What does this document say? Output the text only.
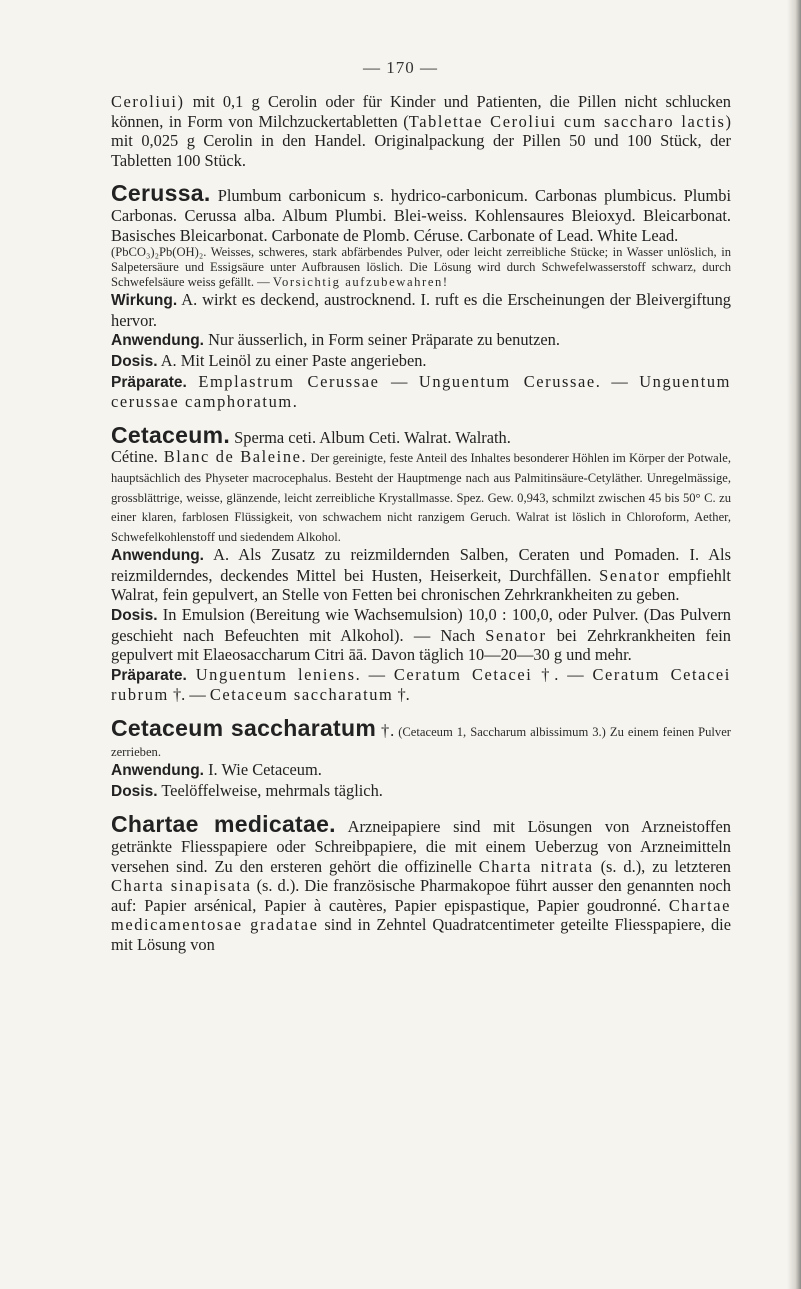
— 170 —

Ceroliui) mit 0,1 g Cerolin oder für Kinder und Patienten, die Pillen nicht schlucken können, in Form von Milchzuckertabletten (Tablettae Ceroliui cum saccharo lactis) mit 0,025 g Cerolin in den Handel. Originalpackung der Pillen 50 und 100 Stück, der Tabletten 100 Stück.

Cerussa. Plumbum carbonicum s. hydrico-carbonicum. Carbonas plumbicus. Plumbi Carbonas. Cerussa alba. Album Plumbi. Blei-weiss. Kohlensaures Bleioxyd. Bleicarbonat. Basisches Bleicarbonat. Carbonate de Plomb. Céruse. Carbonate of Lead. White Lead.

(PbCO₃)₂Pb(OH)₂. Weisses, schweres, stark abfärbendes Pulver, oder leicht zerreibliche Stücke; in Wasser unlöslich, in Salpetersäure und Essigsäure unter Aufbrausen löslich. Die Lösung wird durch Schwefelwasserstoff schwarz, durch Schwefelsäure weiss gefällt. — Vorsichtig aufzubewahren!

Wirkung. A. wirkt es deckend, austrocknend. I. ruft es die Erscheinungen der Bleivergiftung hervor.

Anwendung. Nur äusserlich, in Form seiner Präparate zu benutzen.

Dosis. A. Mit Leinöl zu einer Paste angerieben.

Präparate. Emplastrum Cerussae — Unguentum Cerussae. — Unguentum cerussae camphoratum.

Cetaceum. Sperma ceti. Album Ceti. Walrat. Walrath.
Cétine. Blanc de Baleine. Der gereinigte, feste Anteil des Inhaltes besonderer Höhlen im Körper der Potwale, hauptsächlich des Physeter macrocephalus. Besteht der Hauptmenge nach aus Palmitinsäure-Cetyläther. Unregelmässige, grossblättrige, weisse, glänzende, leicht zerreibliche Krystallmasse. Spez. Gew. 0,943, schmilzt zwischen 45 bis 50° C. zu einer klaren, farblosen Flüssigkeit, von schwachem nicht ranzigem Geruch. Walrat ist löslich in Chloroform, Aether, Schwefelkohlenstoff und siedendem Alkohol.

Anwendung. A. Als Zusatz zu reizmildernden Salben, Ceraten und Pomaden. I. Als reizmilderndes, deckendes Mittel bei Husten, Heiserkeit, Durchfällen. Senator empfiehlt Walrat, fein gepulvert, an Stelle von Fetten bei chronischen Zehrkrankheiten zu geben.

Dosis. In Emulsion (Bereitung wie Wachsemulsion) 10,0 : 100,0, oder Pulver. (Das Pulvern geschieht nach Befeuchten mit Alkohol). — Nach Senator bei Zehrkrankheiten fein gepulvert mit Elaeosaccharum Citri āā. Davon täglich 10—20—30 g und mehr.

Präparate. Unguentum leniens. — Ceratum Cetacei †. — Ceratum Cetacei rubrum †. — Cetaceum saccharatum †.

Cetaceum saccharatum †. (Cetaceum 1, Saccharum albissimum 3.) Zu einem feinen Pulver zerrieben.

Anwendung. I. Wie Cetaceum.

Dosis. Teelöffelweise, mehrmals täglich.

Chartae medicatae. Arzneipapiere sind mit Lösungen von Arzneistoffen getränkte Fliesspapiere oder Schreibpapiere, die mit einem Ueberzug von Arzneimitteln versehen sind. Zu den ersteren gehört die offizinelle Charta nitrata (s. d.), zu letzteren Charta sinapisata (s. d.). Die französische Pharmakopoe führt ausser den genannten noch auf: Papier arsénical, Papier à cautères, Papier epispastique, Papier goudronné. Chartae medicamentosae gradatae sind in Zehntel Quadratcentimeter geteilte Fliesspapiere, die mit Lösung von
